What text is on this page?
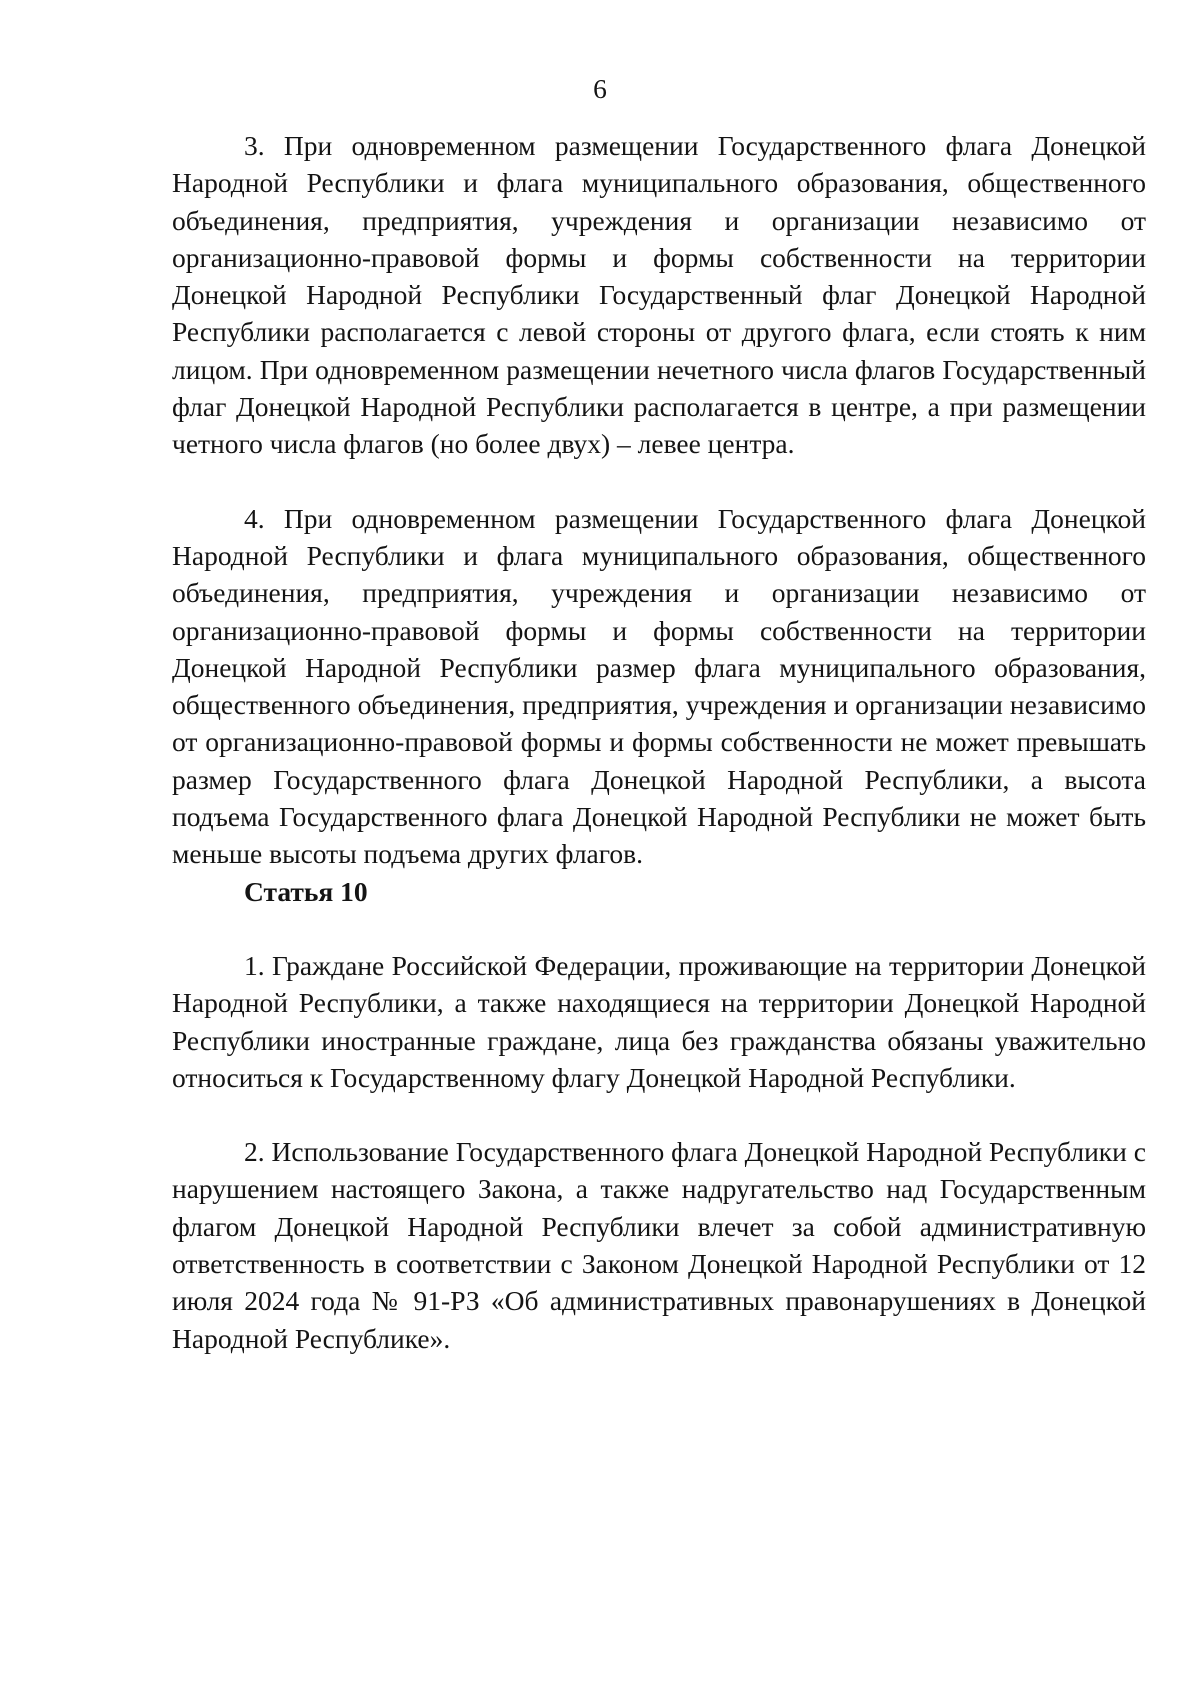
6

3. При одновременном размещении Государственного флага Донецкой Народной Республики и флага муниципального образования, общественного объединения, предприятия, учреждения и организации независимо от организационно-правовой формы и формы собственности на территории Донецкой Народной Республики Государственный флаг Донецкой Народной Республики располагается с левой стороны от другого флага, если стоять к ним лицом. При одновременном размещении нечетного числа флагов Государственный флаг Донецкой Народной Республики располагается в центре, а при размещении четного числа флагов (но более двух) – левее центра.

4. При одновременном размещении Государственного флага Донецкой Народной Республики и флага муниципального образования, общественного объединения, предприятия, учреждения и организации независимо от организационно-правовой формы и формы собственности на территории Донецкой Народной Республики размер флага муниципального образования, общественного объединения, предприятия, учреждения и организации независимо от организационно-правовой формы и формы собственности не может превышать размер Государственного флага Донецкой Народной Республики, а высота подъема Государственного флага Донецкой Народной Республики не может быть меньше высоты подъема других флагов.

Статья 10

1. Граждане Российской Федерации, проживающие на территории Донецкой Народной Республики, а также находящиеся на территории Донецкой Народной Республики иностранные граждане, лица без гражданства обязаны уважительно относиться к Государственному флагу Донецкой Народной Республики.

2. Использование Государственного флага Донецкой Народной Республики с нарушением настоящего Закона, а также надругательство над Государственным флагом Донецкой Народной Республики влечет за собой административную ответственность в соответствии с Законом Донецкой Народной Республики от 12 июля 2024 года № 91-РЗ «Об административных правонарушениях в Донецкой Народной Республике».
